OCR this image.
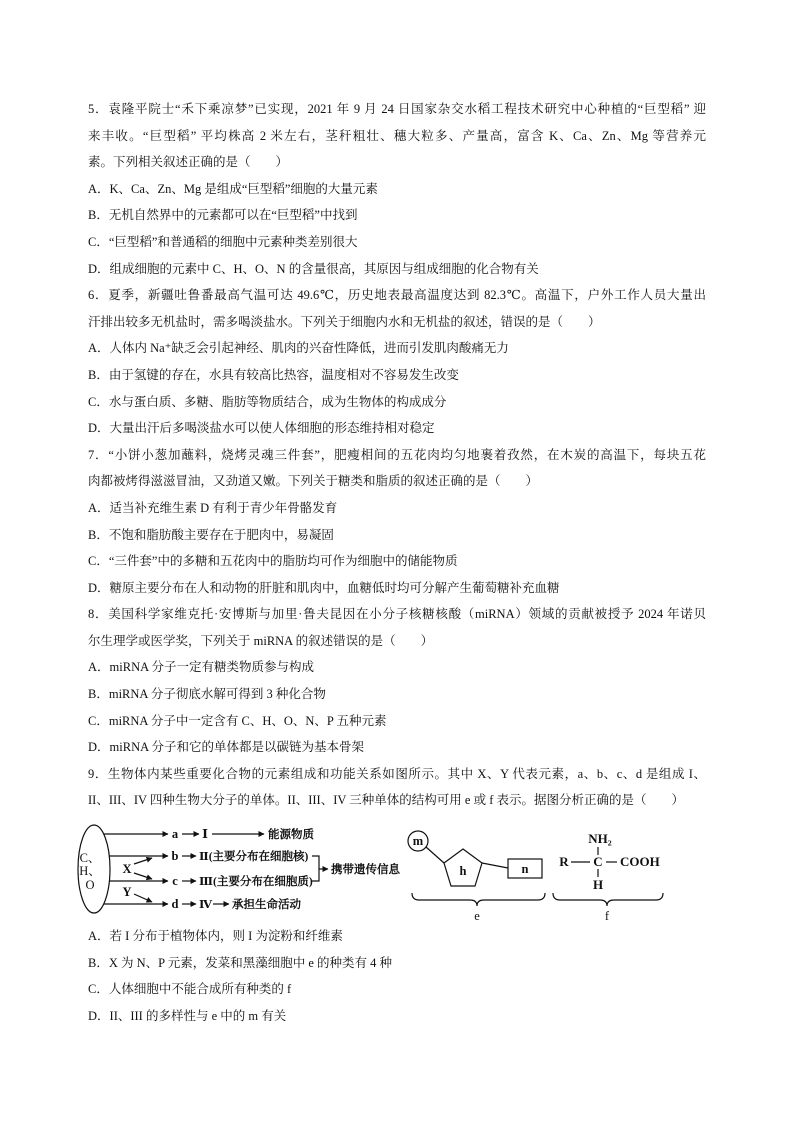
5．袁隆平院士“禾下乘凉梦”已实现，2021 年 9 月 24 日国家杂交水稻工程技术研究中心种植的“巨型稻” 迎
来丰收。“巨型稻” 平均株高 2 米左右，茎秆粗壮、穗大粒多、产量高，富含 K、Ca、Zn、Mg 等营养元
素。下列相关叙述正确的是（　　）
A．K、Ca、Zn、Mg 是组成“巨型稻”细胞的大量元素
B．无机自然界中的元素都可以在“巨型稻”中找到
C．“巨型稻”和普通稻的细胞中元素种类差别很大
D．组成细胞的元素中 C、H、O、N 的含量很高，其原因与组成细胞的化合物有关
6．夏季，新疆吐鲁番最高气温可达 49.6℃，历史地表最高温度达到 82.3℃。高温下，户外工作人员大量出
汗排出较多无机盐时，需多喝淡盐水。下列关于细胞内水和无机盐的叙述，错误的是（　　）
A．人体内 Na⁺缺乏会引起神经、肌肉的兴奋性降低，进而引发肌肉酸痛无力
B．由于氢键的存在，水具有较高比热容，温度相对不容易发生改变
C．水与蛋白质、多糖、脂肪等物质结合，成为生物体的构成成分
D．大量出汗后多喝淡盐水可以使人体细胞的形态维持相对稳定
7．“小饼小葱加蘸料，烧烤灵魂三件套”，肥瘦相间的五花肉均匀地裹着孜然，在木炭的高温下，每块五花
肉都被烤得滋滋冒油，又劲道又嫩。下列关于糖类和脂质的叙述正确的是（　　）
A．适当补充维生素 D 有利于青少年骨骼发育
B．不饱和脂肪酸主要存在于肥肉中，易凝固
C．“三件套”中的多糖和五花肉中的脂肪均可作为细胞中的储能物质
D．糖原主要分布在人和动物的肝脏和肌肉中，血糖低时均可分解产生葡萄糖补充血糖
8．美国科学家维克托·安博斯与加里·鲁夫昆因在小分子核糖核酸（miRNA）领域的贡献被授予 2024 年诺贝
尔生理学或医学奖，下列关于 miRNA 的叙述错误的是（　　）
A．miRNA 分子一定有糖类物质参与构成
B．miRNA 分子彻底水解可得到 3 种化合物
C．miRNA 分子中一定含有 C、H、O、N、P 五种元素
D．miRNA 分子和它的单体都是以碳链为基本骨架
9．生物体内某些重要化合物的元素组成和功能关系如图所示。其中 X、Y 代表元素，a、b、c、d 是组成 I、
II、III、IV 四种生物大分子的单体。II、III、IV 三种单体的结构可用 e 或 f 表示。据图分析正确的是（　　）
C、
H、
O
a Ⅰ	能源物质
b Ⅱ(主要分布在细胞核)
c Ⅲ(主要分布在细胞质)
携带遗传信息
d Ⅳ 承担生命活动
X
Y
m
h	n
e
NH₂
R C COOH
H
f
A．若 I 分布于植物体内，则 I 为淀粉和纤维素
B．X 为 N、P 元素，发菜和黑藻细胞中 e 的种类有 4 种
C．人体细胞中不能合成所有种类的 f
D．II、III 的多样性与 e 中的 m 有关
